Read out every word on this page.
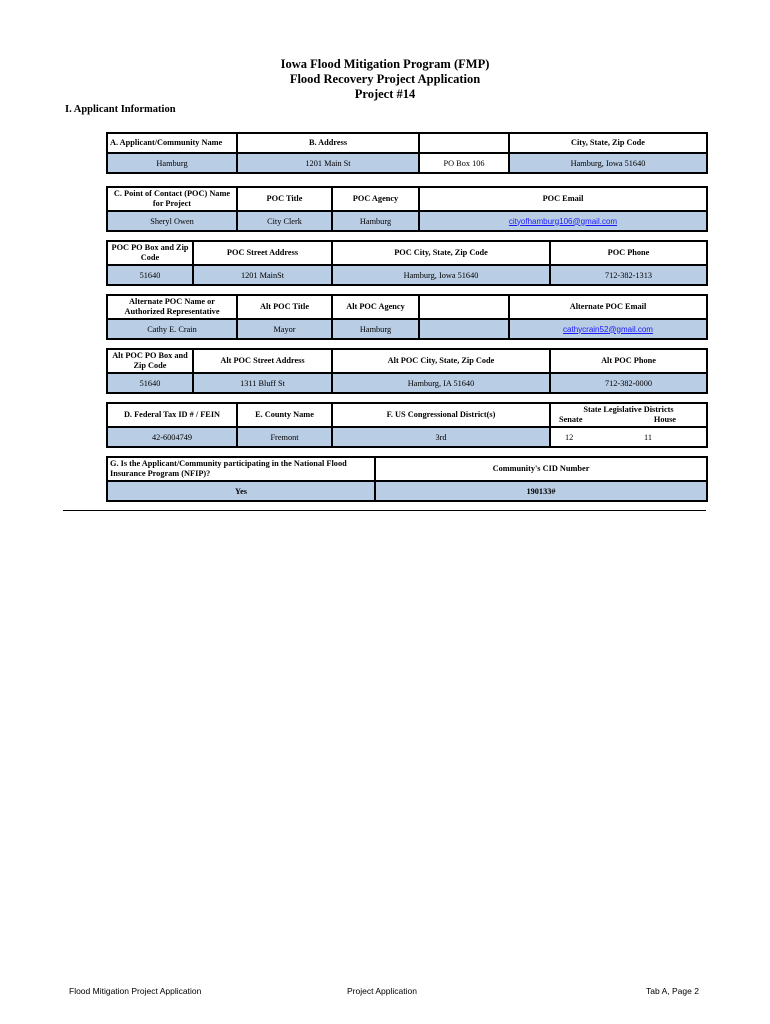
Iowa Flood Mitigation Program (FMP)
Flood Recovery Project Application
Project #14
I. Applicant Information
A. Applicant/Community Name	B. Address		City, State, Zip Code
Hamburg	1201 Main St	PO Box 106	Hamburg, Iowa 51640
C. Point of Contact (POC) Name for Project	POC Title	POC Agency	POC Email
Sheryl Owen	City Clerk	Hamburg	cityofhamburg106@gmail.com
POC PO Box and Zip Code	POC Street Address	POC City, State, Zip Code	POC Phone
51640	1201 MainSt	Hamburg, Iowa 51640	712-382-1313
Alternate POC Name or Authorized Representative	Alt POC Title	Alt POC Agency		Alternate POC Email
Cathy E. Crain	Mayor	Hamburg		cathycrain52@gmail.com
Alt POC PO Box and Zip Code	Alt POC Street Address	Alt POC City, State, Zip Code	Alt POC Phone
51640	1311 Bluff St	Hamburg, IA 51640	712-382-0000
D. Federal Tax ID # / FEIN	E. County Name	F. US Congressional District(s)	State Legislative Districts
Senate House

42-6004749	Fremont	3rd	12 11
G. Is the Applicant/Community participating in the National Flood Insurance Program (NFIP)?	Community's CID Number
Yes	190133#
Flood Mitigation Project Application	Project Application	Tab A, Page 2
